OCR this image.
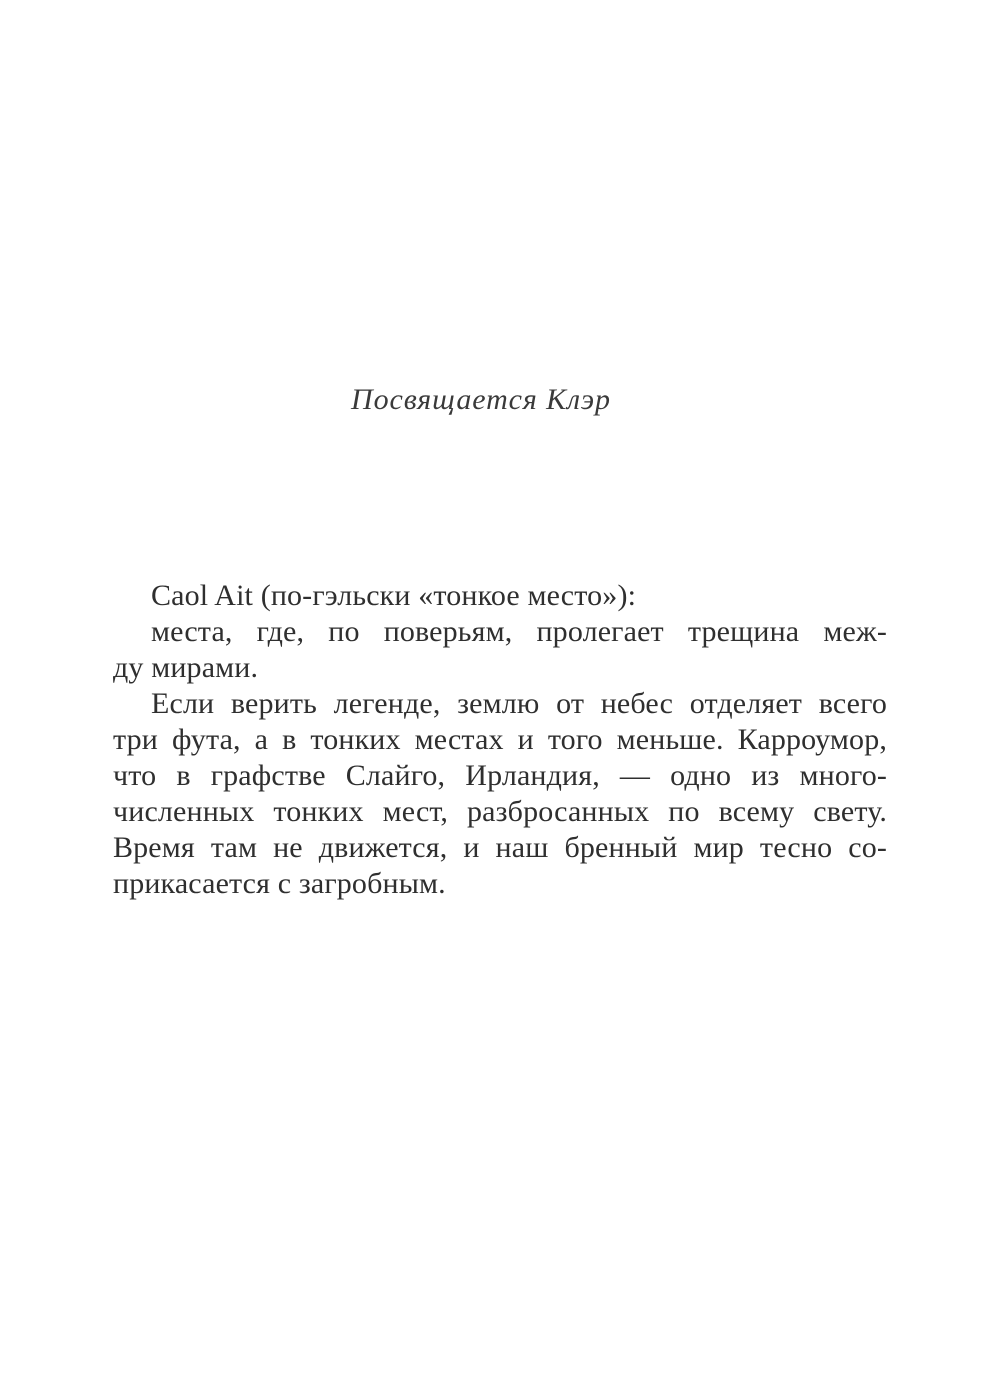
Посвящается Клэр
Caol Ait (по-гэльски «тонкое место»):
места, где, по поверьям, пролегает трещина меж-
ду мирами.
Если верить легенде, землю от небес отделяет всего
три фута, а в тонких местах и того меньше. Карроумор,
что в графстве Слайго, Ирландия, — одно из много-
численных тонких мест, разбросанных по всему свету.
Время там не движется, и наш бренный мир тесно со-
прикасается с загробным.
